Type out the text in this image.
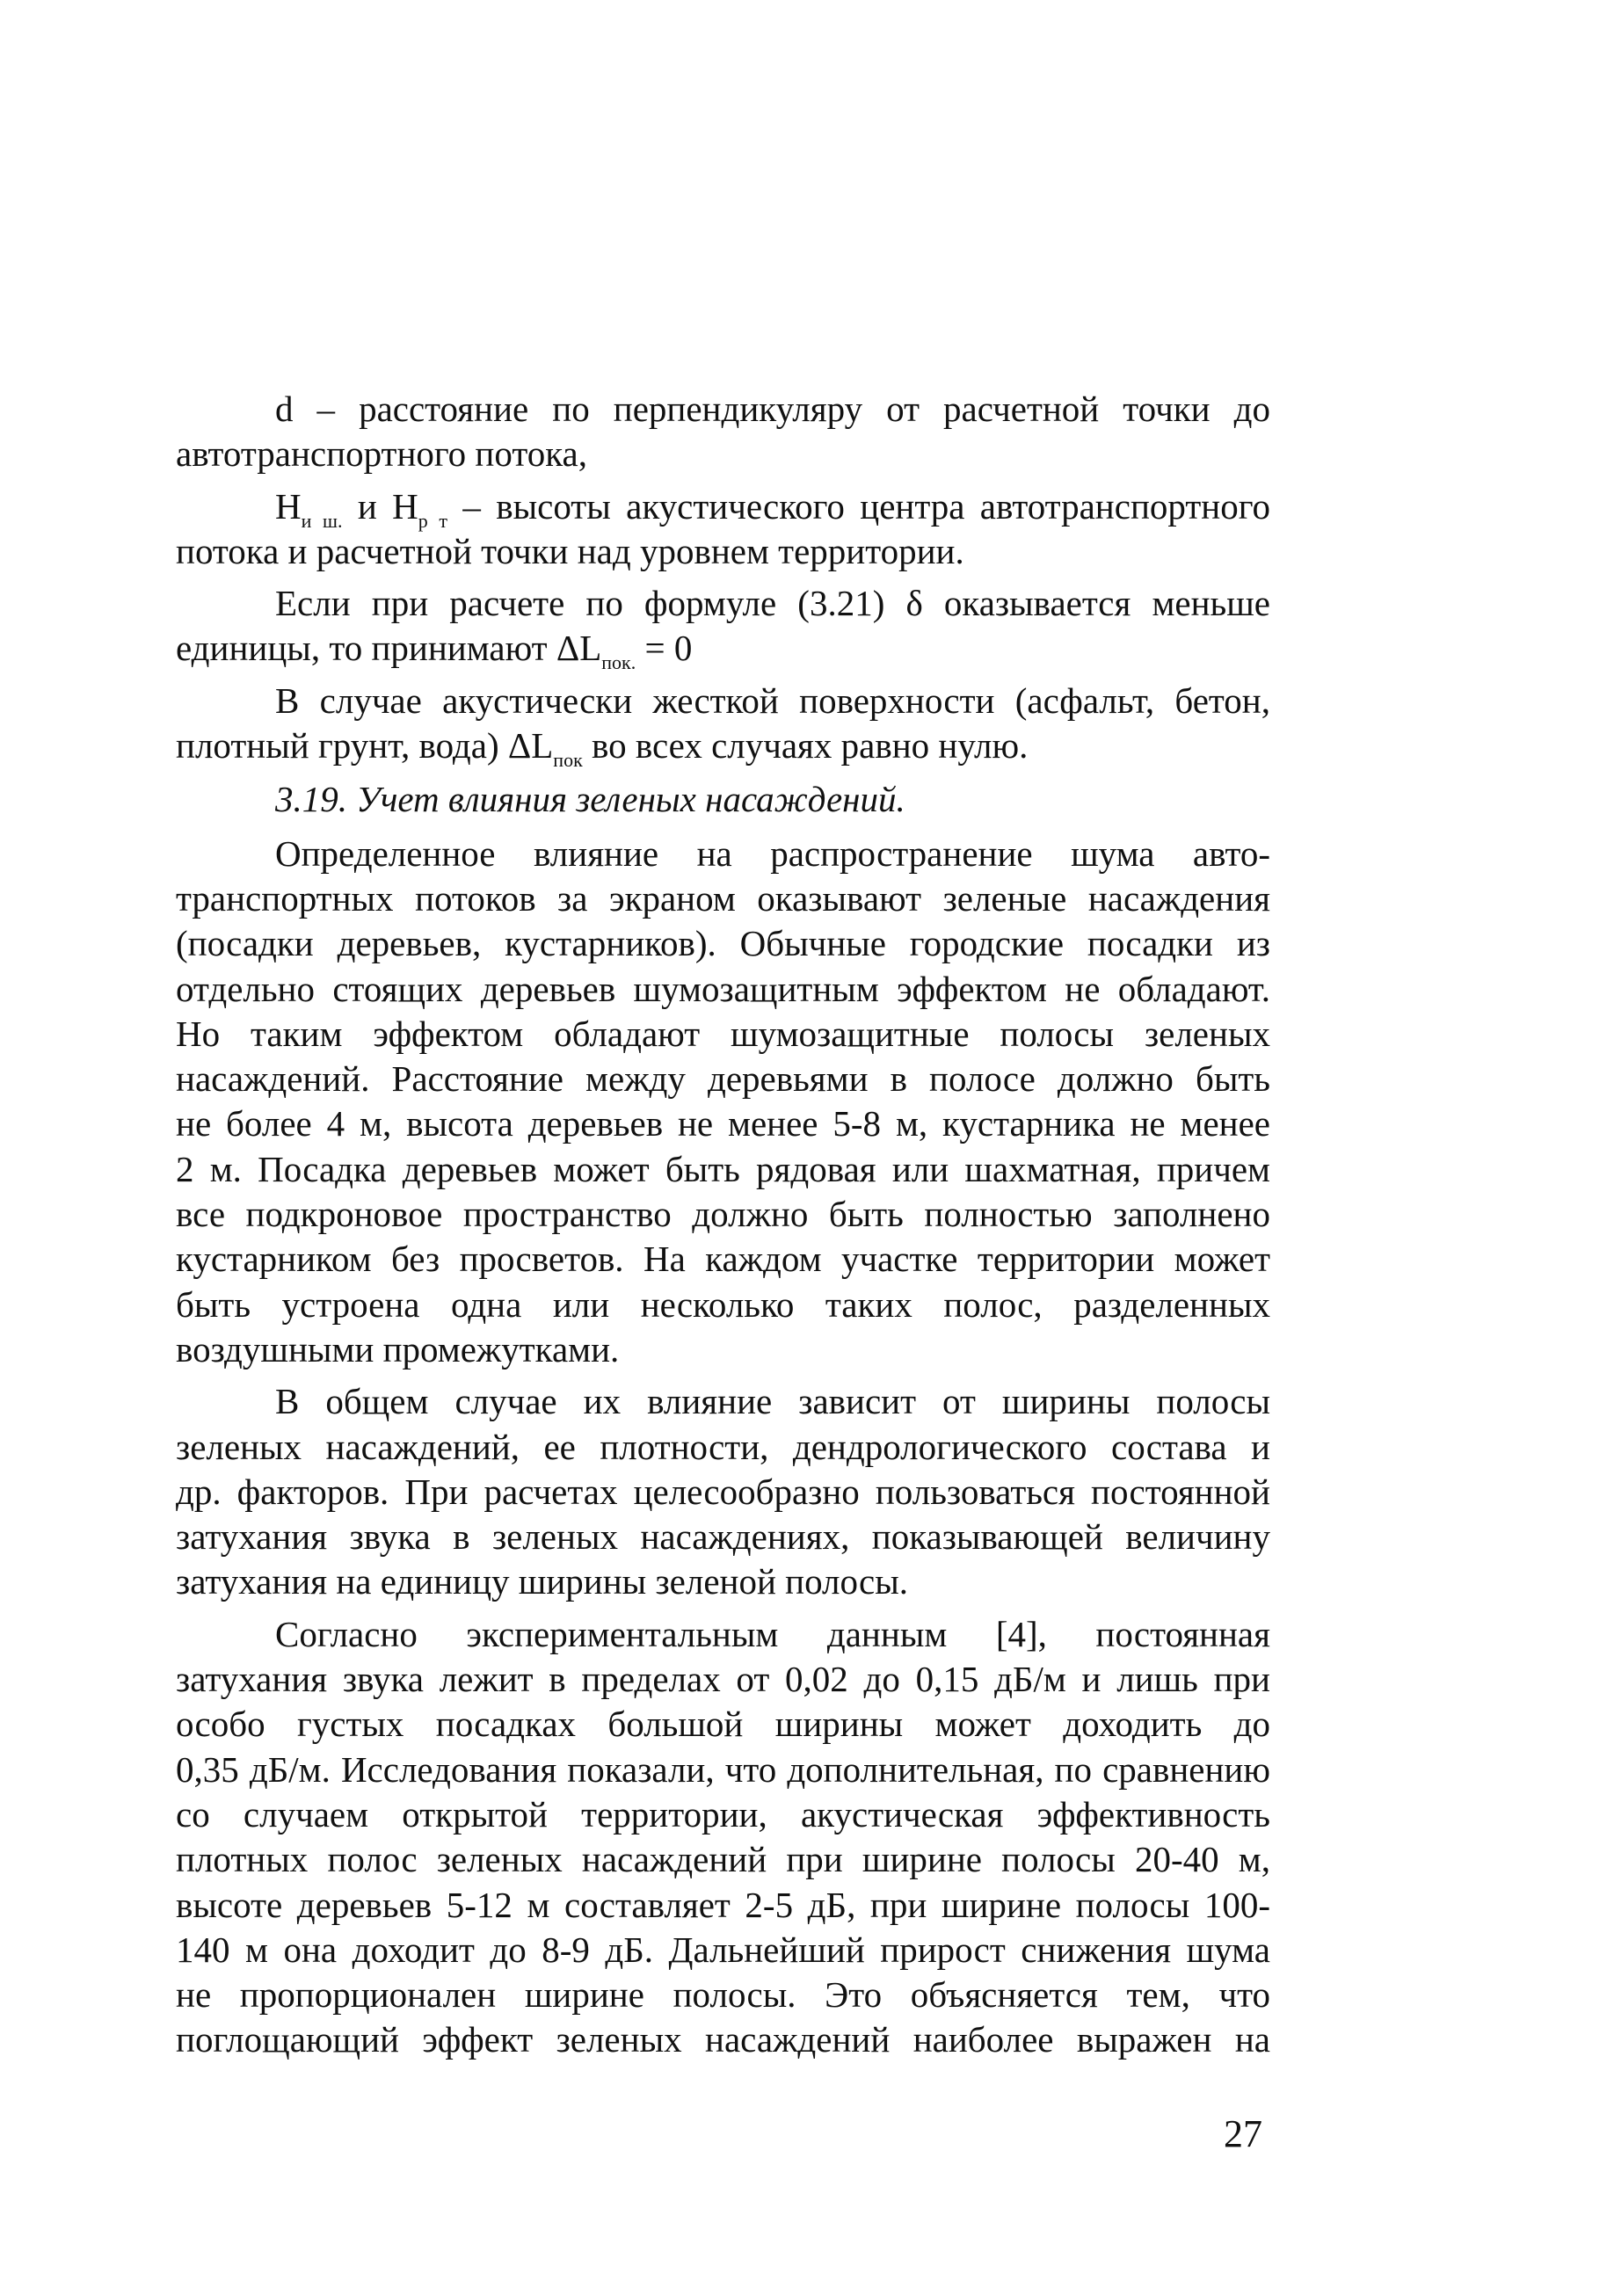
d – расстояние по перпендикуляру от расчетной точки до
автотранспортного потока,
$H_{и ш.}$ и $H_{р т}$ – высоты акустического центра автотранспортного
потока и расчетной точки над уровнем территории.
Если при расчете по формуле (3.21) δ оказывается меньше
единицы, то принимают $\Delta L_{пок.} = 0$
В случае акустически жесткой поверхности (асфальт, бетон,
плотный грунт, вода) $\Delta L_{пок}$ во всех случаях равно нулю.

3.19. Учет влияния зеленых насаждений.

Определенное влияние на распространение шума авто-
транспортных потоков за экраном оказывают зеленые насаждения
(посадки деревьев, кустарников). Обычные городские посадки из
отдельно стоящих деревьев шумозащитным эффектом не обладают.
Но таким эффектом обладают шумозащитные полосы зеленых
насаждений. Расстояние между деревьями в полосе должно быть
не более 4 м, высота деревьев не менее 5-8 м, кустарника не менее
2 м. Посадка деревьев может быть рядовая или шахматная, причем
все подкроновое пространство должно быть полностью заполнено
кустарником без просветов. На каждом участке территории может
быть устроена одна или несколько таких полос, разделенных
воздушными промежутками.
В общем случае их влияние зависит от ширины полосы
зеленых насаждений, ее плотности, дендрологического состава и
др. факторов. При расчетах целесообразно пользоваться постоянной
затухания звука в зеленых насаждениях, показывающей величину
затухания на единицу ширины зеленой полосы.
Согласно экспериментальным данным [4], постоянная
затухания звука лежит в пределах от 0,02 до 0,15 дБ/м и лишь при
особо густых посадках большой ширины может доходить до
0,35 дБ/м. Исследования показали, что дополнительная, по сравнению
со случаем открытой территории, акустическая эффективность
плотных полос зеленых насаждений при ширине полосы 20-40 м,
высоте деревьев 5-12 м составляет 2-5 дБ, при ширине полосы 100-
140 м она доходит до 8-9 дБ. Дальнейший прирост снижения шума
не пропорционален ширине полосы. Это объясняется тем, что
поглощающий эффект зеленых насаждений наиболее выражен на
27
